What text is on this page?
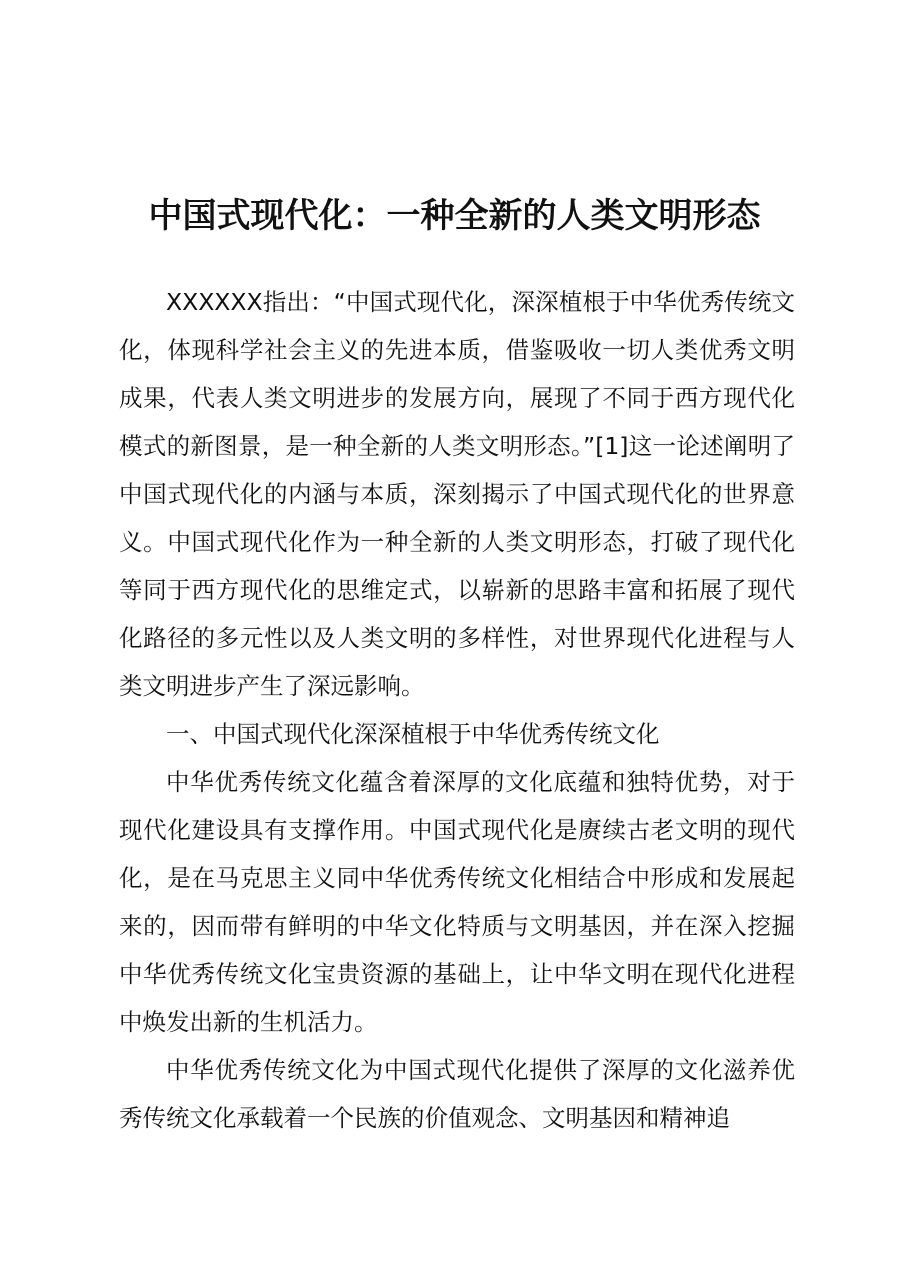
中国式现代化：一种全新的人类文明形态

XXXXXX指出：“中国式现代化，深深植根于中华优秀传统文化，体现科学社会主义的先进本质，借鉴吸收一切人类优秀文明成果，代表人类文明进步的发展方向，展现了不同于西方现代化模式的新图景，是一种全新的人类文明形态。”[1]这一论述阐明了中国式现代化的内涵与本质，深刻揭示了中国式现代化的世界意义。中国式现代化作为一种全新的人类文明形态，打破了现代化等同于西方现代化的思维定式，以崭新的思路丰富和拓展了现代化路径的多元性以及人类文明的多样性，对世界现代化进程与人类文明进步产生了深远影响。

一、中国式现代化深深植根于中华优秀传统文化

中华优秀传统文化蕴含着深厚的文化底蕴和独特优势，对于现代化建设具有支撑作用。中国式现代化是赓续古老文明的现代化，是在马克思主义同中华优秀传统文化相结合中形成和发展起来的，因而带有鲜明的中华文化特质与文明基因，并在深入挖掘中华优秀传统文化宝贵资源的基础上，让中华文明在现代化进程中焕发出新的生机活力。

中华优秀传统文化为中国式现代化提供了深厚的文化滋养优秀传统文化承载着一个民族的价值观念、文明基因和精神追
